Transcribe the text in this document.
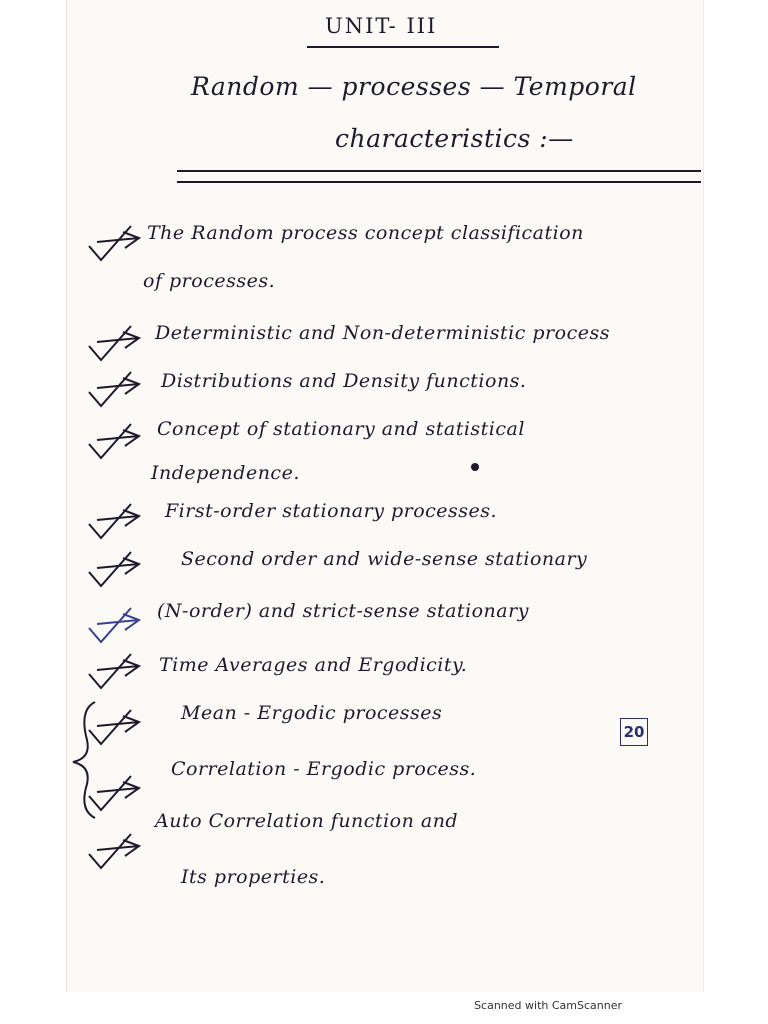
UNIT- III
Random — processes — Temporal
characteristics :—
The Random process concept classification
of processes.
Deterministic and Non-deterministic process
Distributions and Density functions.
Concept of stationary and statistical
Independence.
First-order stationary processes.
Second order and wide-sense stationary
(N-order) and strict-sense stationary
Time Averages and Ergodicity.
Mean - Ergodic processes
Correlation - Ergodic process.
20
Auto Correlation function and
Its properties.
Scanned with CamScanner
